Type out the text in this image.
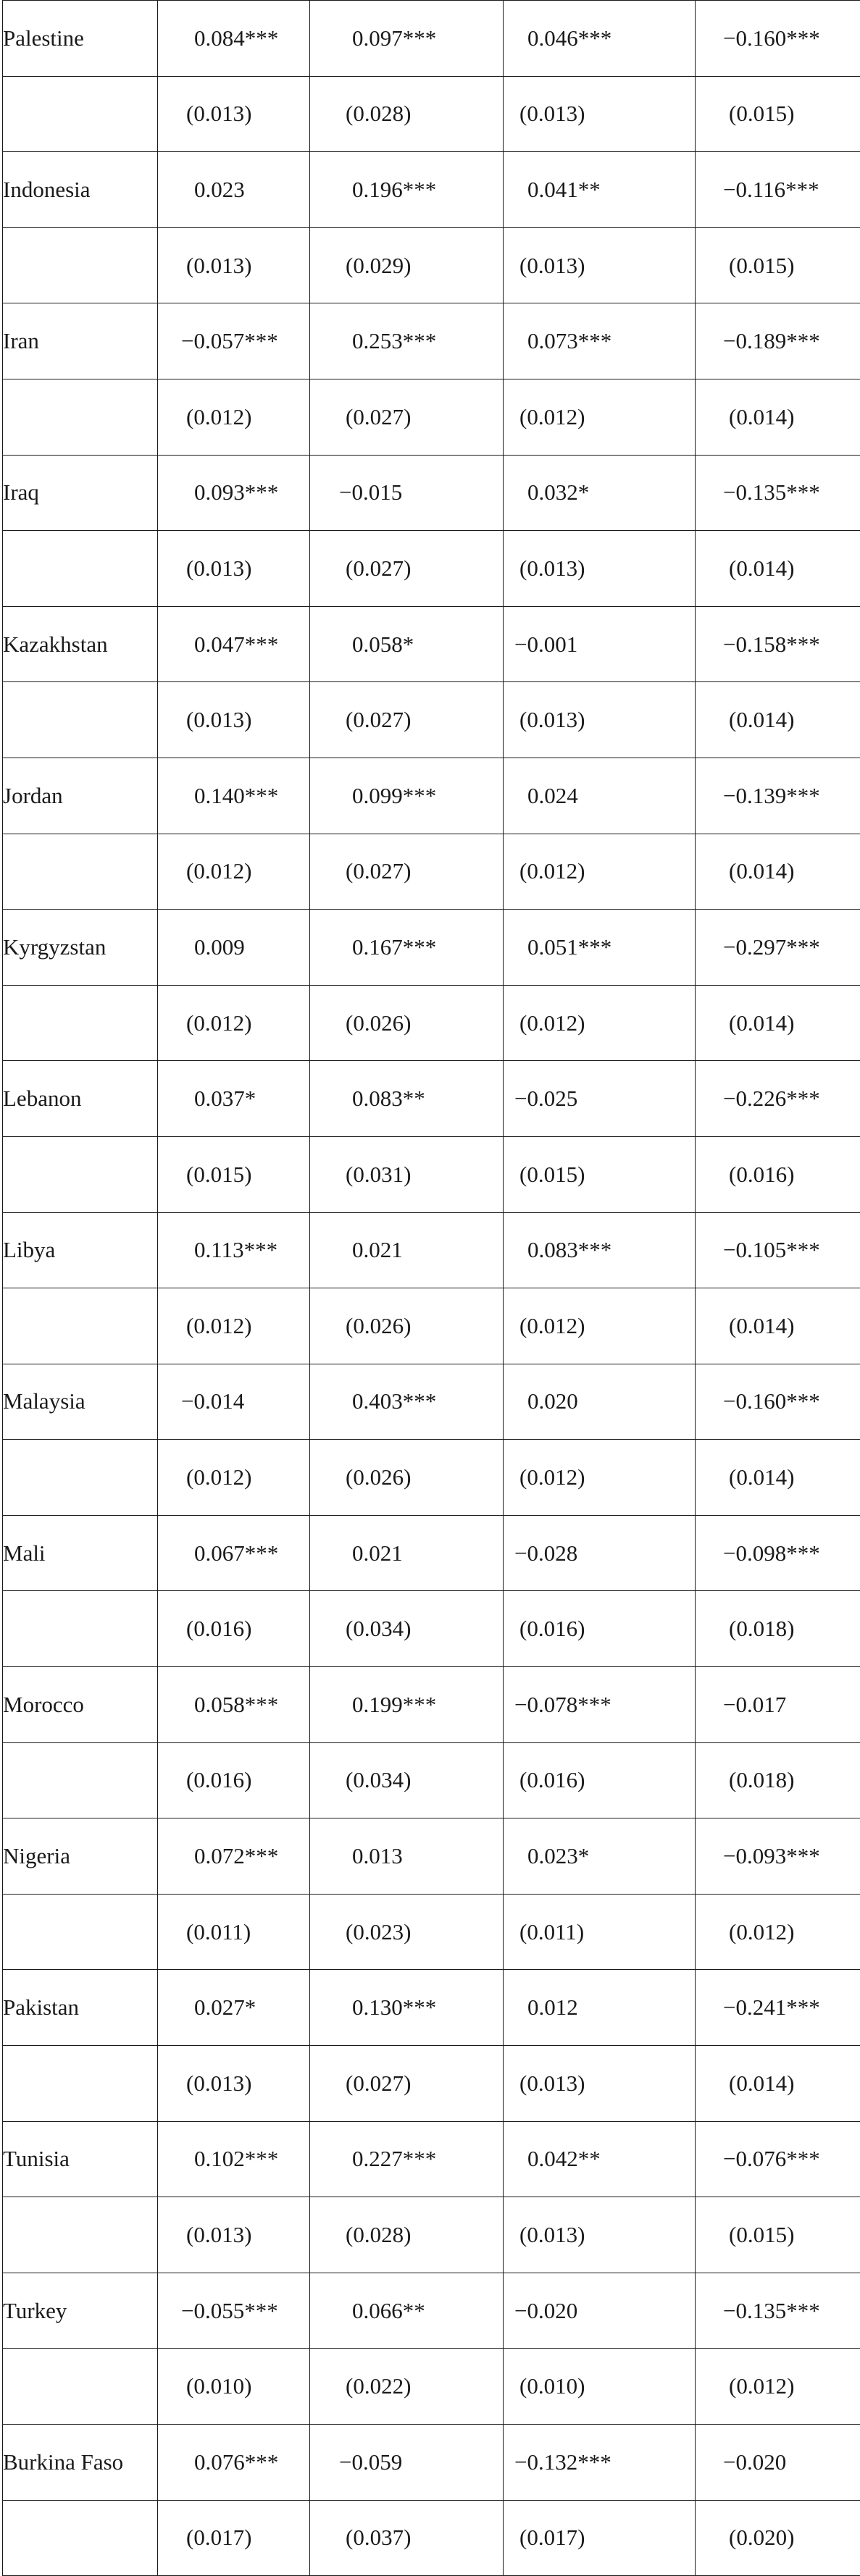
Palestine	0.084***	0.097***	0.046***	−0.160***

	(0.013)	(0.028)	(0.013)	(0.015)

Indonesia	0.023	0.196***	0.041**	−0.116***

	(0.013)	(0.029)	(0.013)	(0.015)

Iran	−0.057***	0.253***	0.073***	−0.189***

	(0.012)	(0.027)	(0.012)	(0.014)

Iraq	0.093***	−0.015	0.032*	−0.135***

	(0.013)	(0.027)	(0.013)	(0.014)

Kazakhstan	0.047***	0.058*	−0.001	−0.158***

	(0.013)	(0.027)	(0.013)	(0.014)

Jordan	0.140***	0.099***	0.024	−0.139***

	(0.012)	(0.027)	(0.012)	(0.014)

Kyrgyzstan	0.009	0.167***	0.051***	−0.297***

	(0.012)	(0.026)	(0.012)	(0.014)

Lebanon	0.037*	0.083**	−0.025	−0.226***

	(0.015)	(0.031)	(0.015)	(0.016)

Libya	0.113***	0.021	0.083***	−0.105***

	(0.012)	(0.026)	(0.012)	(0.014)

Malaysia	−0.014	0.403***	0.020	−0.160***

	(0.012)	(0.026)	(0.012)	(0.014)

Mali	0.067***	0.021	−0.028	−0.098***

	(0.016)	(0.034)	(0.016)	(0.018)

Morocco	0.058***	0.199***	−0.078***	−0.017

	(0.016)	(0.034)	(0.016)	(0.018)

Nigeria	0.072***	0.013	0.023*	−0.093***

	(0.011)	(0.023)	(0.011)	(0.012)

Pakistan	0.027*	0.130***	0.012	−0.241***

	(0.013)	(0.027)	(0.013)	(0.014)

Tunisia	0.102***	0.227***	0.042**	−0.076***

	(0.013)	(0.028)	(0.013)	(0.015)

Turkey	−0.055***	0.066**	−0.020	−0.135***

	(0.010)	(0.022)	(0.010)	(0.012)

Burkina Faso	0.076***	−0.059	−0.132***	−0.020

	(0.017)	(0.037)	(0.017)	(0.020)
